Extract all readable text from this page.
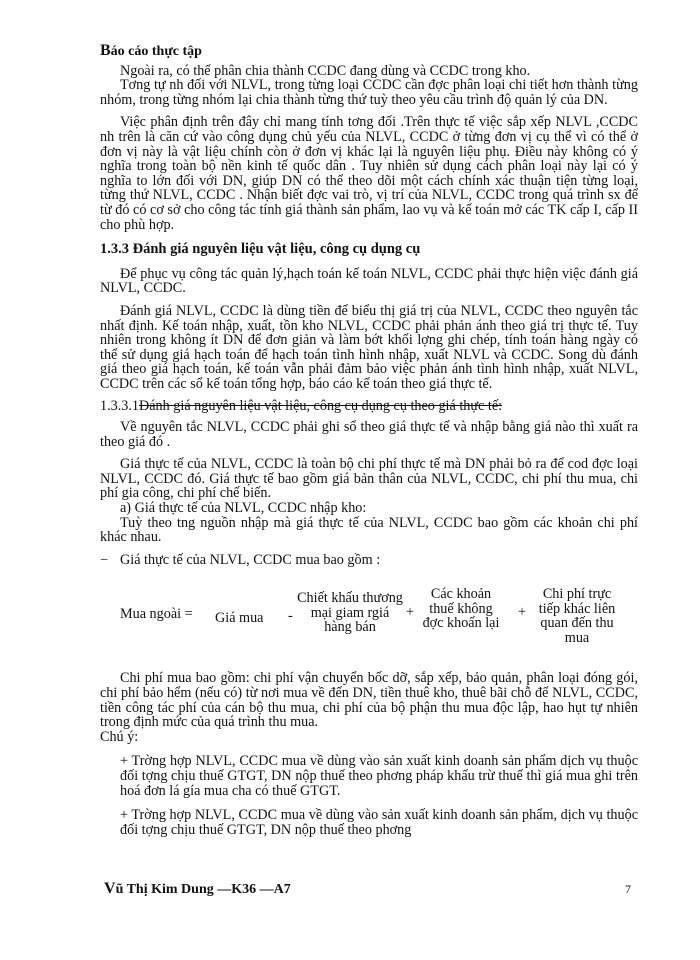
Báo cáo thực tập

Ngoài ra, có thể phân chia thành CCDC đang dùng và CCDC trong kho.

Tơng tự nh đối với NLVL, trong từng loại CCDC cần đợc phân loại chi tiết hơn thành từng nhóm, trong từng nhóm lại chia thành từng thứ tuỳ theo yêu cầu trình độ quản lý của DN.

Việc phân định trên đây chỉ mang tính tơng đối .Trên thực tế việc sắp xếp NLVL ,CCDC nh trên là căn cứ vào công dụng chủ yếu của NLVL, CCDC ở từng đơn vị cụ thể vì có thể ở đơn vị này là vật liệu chính còn ở đơn vị khác lại là nguyên liệu phụ. Điều này không có ý nghĩa trong toàn bộ nền kinh tế quốc dân . Tuy nhiên sử dụng cách phân loại này lại có ý nghĩa to lớn đối với DN, giúp DN có thể theo dõi một cách chính xác thuận tiện từng loại, từng thứ NLVL, CCDC . Nhận biết đợc vai trò, vị trí của NLVL, CCDC trong quá trình sx để từ đó có cơ sở cho công tác tính giá thành sản phẩm, lao vụ và kế toán mở các TK cấp I, cấp II cho phù hợp.

1.3.3 Đánh giá nguyên liệu vật liệu, công cụ dụng cụ

Để phục vụ công tác quản lý,hạch toán kế toán NLVL, CCDC phải thực hiện việc đánh giá NLVL, CCDC.

Đánh giá NLVL, CCDC là dùng tiền để biểu thị giá trị của NLVL, CCDC theo nguyên tắc nhất định. Kế toán nhập, xuất, tồn kho NLVL, CCDC phải phản ánh theo giá trị thực tế. Tuy nhiên trong không ít DN để đơn giản và làm bớt khối lợng ghi chép, tính toán hàng ngày có thể sử dụng giá hạch toán để hạch toán tình hình nhập, xuất NLVL và CCDC. Song dù đánh giá theo giá hạch toán, kế toán vẫn phải đảm bảo việc phản ánh tình hình nhập, xuất NLVL, CCDC trên các sổ kế toán tổng hợp, báo cáo kế toán theo giá thực tế.

1.3.3.1Đánh giá nguyên liệu vật liệu, công cụ dụng cụ theo giá thực tế:

Về nguyên tắc NLVL, CCDC phải ghi sổ theo giá thực tế và nhập bằng giá nào thì xuất ra theo giá đó .

Giá thực tế của NLVL, CCDC là toàn bộ chi phí thực tế mà DN phải bỏ ra để cod đợc loại NLVL, CCDC đó. Giá thực tế bao gồm giá bản thân của NLVL, CCDC, chi phí thu mua, chi phí gia công, chi phí chế biến.

a) Giá thực tế của NLVL, CCDC nhập kho:

Tuỳ theo tng nguồn nhập mà giá thực tế của NLVL, CCDC bao gồm các khoản chi phí khác nhau.

− Giá thực tế của NLVL, CCDC mua bao gồm :

Mua ngoài = Giá mua -
Chiết khấu thương mại giam rgiá hàng bán
+
Các khoản thuế không đợc khoấn lại
+
Chi phí trực tiếp khác liên quan đến thu mua

Chi phí mua bao gồm: chi phí vận chuyển bốc dỡ, sắp xếp, bảo quản, phân loại đóng gói, chi phí bảo hểm (nếu có) từ nơi mua về đến DN, tiền thuê kho, thuê bãi chỗ để NLVL, CCDC, tiền công tác phí của cán bộ thu mua, chi phí của bộ phận thu mua độc lập, hao hụt tự nhiên trong định mức của quá trình thu mua.

Chú ý:

+ Trờng hợp NLVL, CCDC mua về dùng vào sản xuất kinh doanh sản phẩm dịch vụ thuộc đối tợng chịu thuế GTGT, DN nộp thuế theo phơng pháp khấu trừ thuế thì giá mua ghi trên hoá đơn lá gía mua cha có thuế GTGT.

+ Trờng hợp NLVL, CCDC mua về dùng vào sản xuất kinh doanh sản phẩm, dịch vụ thuộc đối tợng chịu thuế GTGT, DN nộp thuế theo phơng

Vũ Thị Kim Dung —K36 —A7	7
